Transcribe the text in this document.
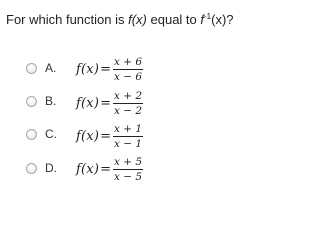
For which function is f(x) equal to $f^{-1}(x)$?
A. $f(x) = \frac{x + 6}{x - 6}$
B. $f(x) = \frac{x + 2}{x - 2}$
C. $f(x) = \frac{x + 1}{x - 1}$
D. $f(x) = \frac{x + 5}{x - 5}$
